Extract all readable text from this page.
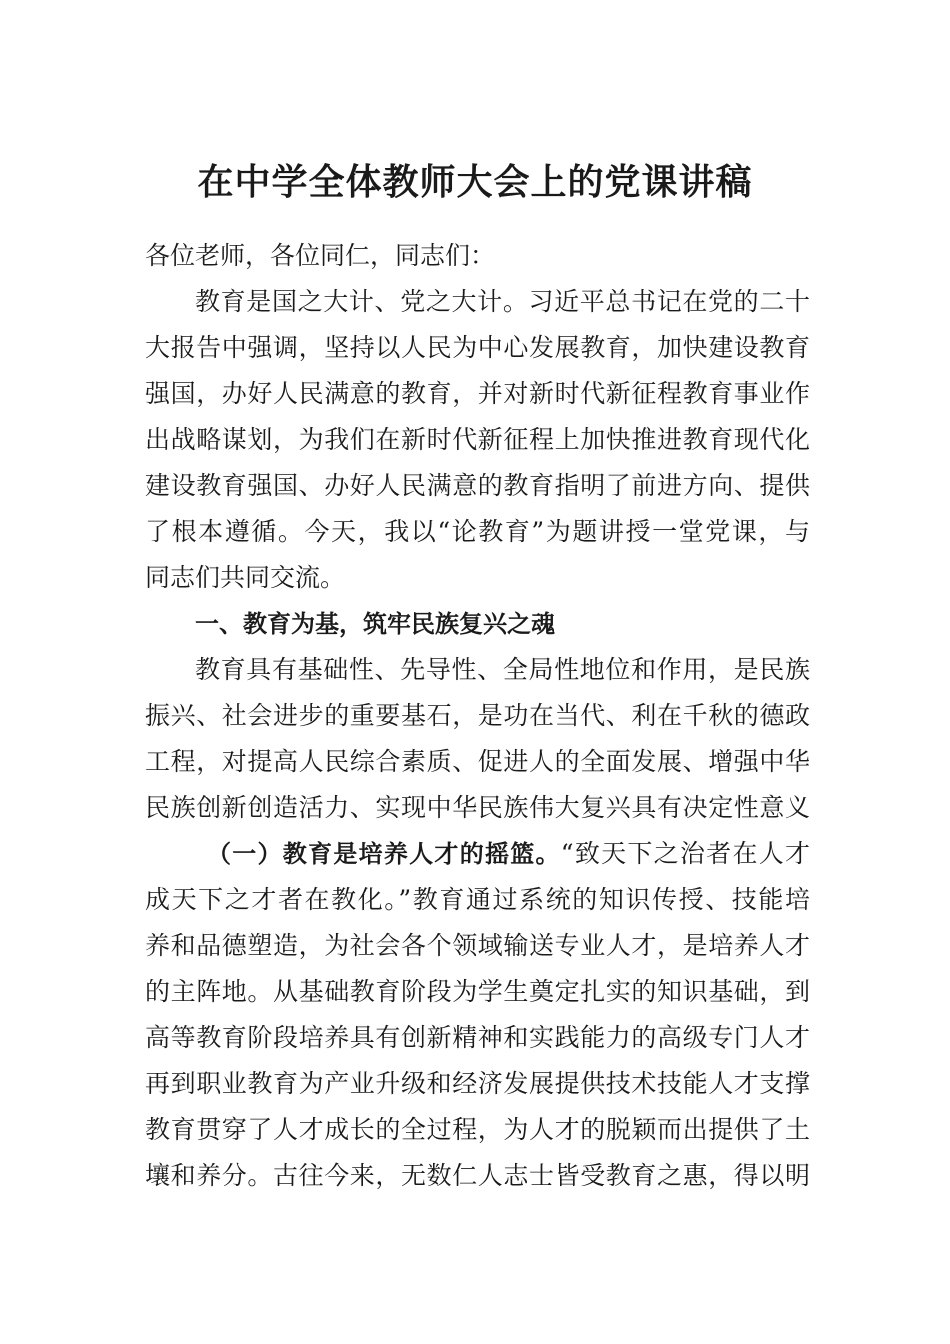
在中学全体教师大会上的党课讲稿

各位老师，各位同仁，同志们：

教育是国之大计、党之大计。习近平总书记在党的二十

大报告中强调，坚持以人民为中心发展教育，加快建设教育

强国，办好人民满意的教育，并对新时代新征程教育事业作

出战略谋划，为我们在新时代新征程上加快推进教育现代化

建设教育强国、办好人民满意的教育指明了前进方向、提供

了根本遵循。今天，我以“论教育”为题讲授一堂党课，与

同志们共同交流。

一、教育为基，筑牢民族复兴之魂

教育具有基础性、先导性、全局性地位和作用，是民族

振兴、社会进步的重要基石，是功在当代、利在千秋的德政

工程，对提高人民综合素质、促进人的全面发展、增强中华

民族创新创造活力、实现中华民族伟大复兴具有决定性意义

（一）教育是培养人才的摇篮。“致天下之治者在人才

成天下之才者在教化。”教育通过系统的知识传授、技能培

养和品德塑造，为社会各个领域输送专业人才，是培养人才

的主阵地。从基础教育阶段为学生奠定扎实的知识基础，到

高等教育阶段培养具有创新精神和实践能力的高级专门人才

再到职业教育为产业升级和经济发展提供技术技能人才支撑

教育贯穿了人才成长的全过程，为人才的脱颖而出提供了土

壤和养分。古往今来，无数仁人志士皆受教育之惠，得以明
